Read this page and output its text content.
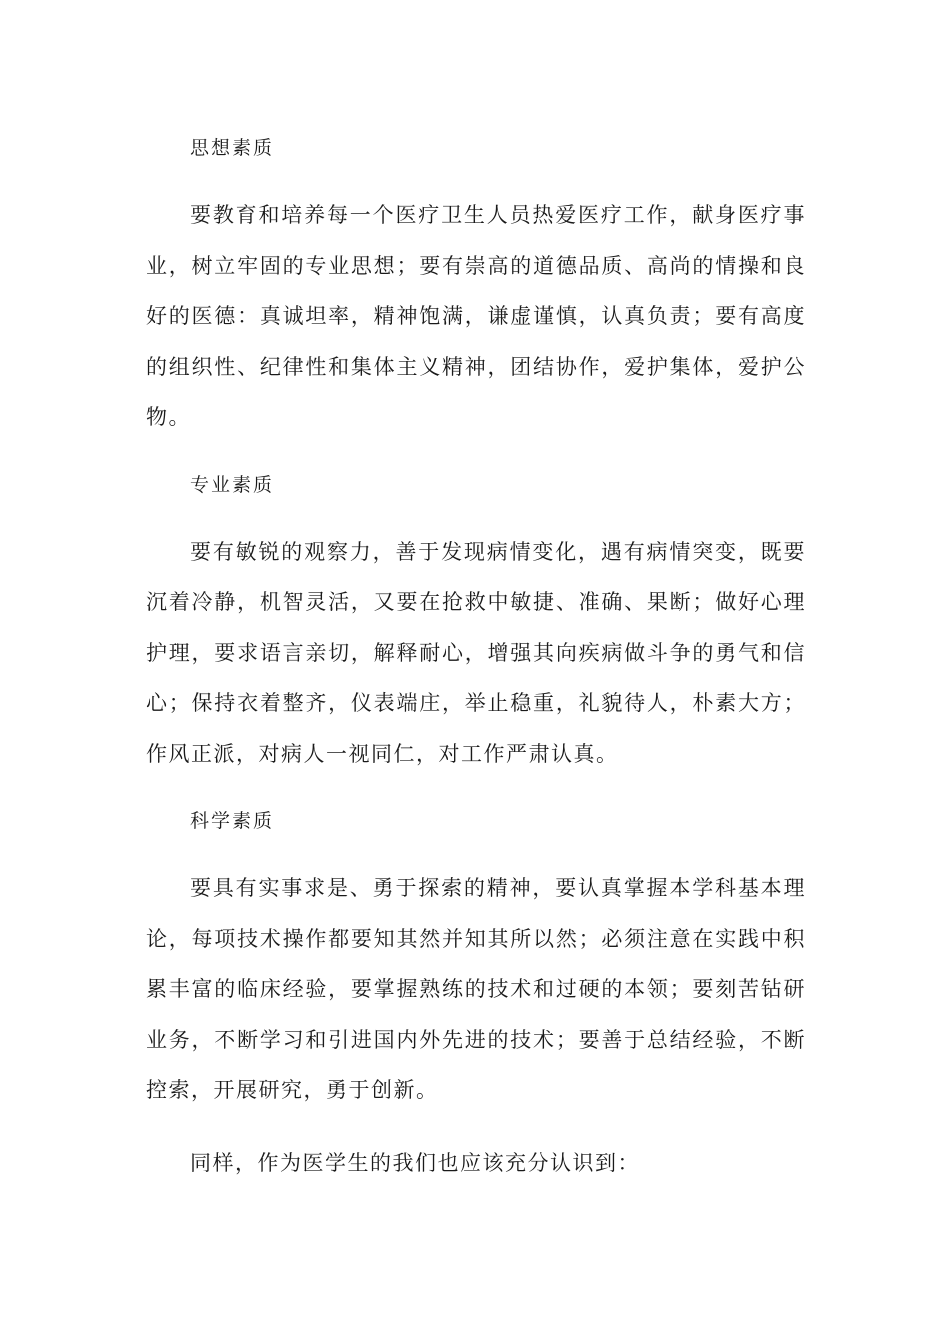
思想素质
要教育和培养每一个医疗卫生人员热爱医疗工作，献身医疗事业，树立牢固的专业思想；要有崇高的道德品质、高尚的情操和良好的医德：真诚坦率，精神饱满，谦虚谨慎，认真负责；要有高度的组织性、纪律性和集体主义精神，团结协作，爱护集体，爱护公物。
专业素质
要有敏锐的观察力，善于发现病情变化，遇有病情突变，既要沉着冷静，机智灵活，又要在抢救中敏捷、准确、果断；做好心理护理，要求语言亲切，解释耐心，增强其向疾病做斗争的勇气和信心；保持衣着整齐，仪表端庄，举止稳重，礼貌待人，朴素大方；作风正派，对病人一视同仁，对工作严肃认真。
科学素质
要具有实事求是、勇于探索的精神，要认真掌握本学科基本理论，每项技术操作都要知其然并知其所以然；必须注意在实践中积累丰富的临床经验，要掌握熟练的技术和过硬的本领；要刻苦钻研业务，不断学习和引进国内外先进的技术；要善于总结经验，不断控索，开展研究，勇于创新。
同样，作为医学生的我们也应该充分认识到：
